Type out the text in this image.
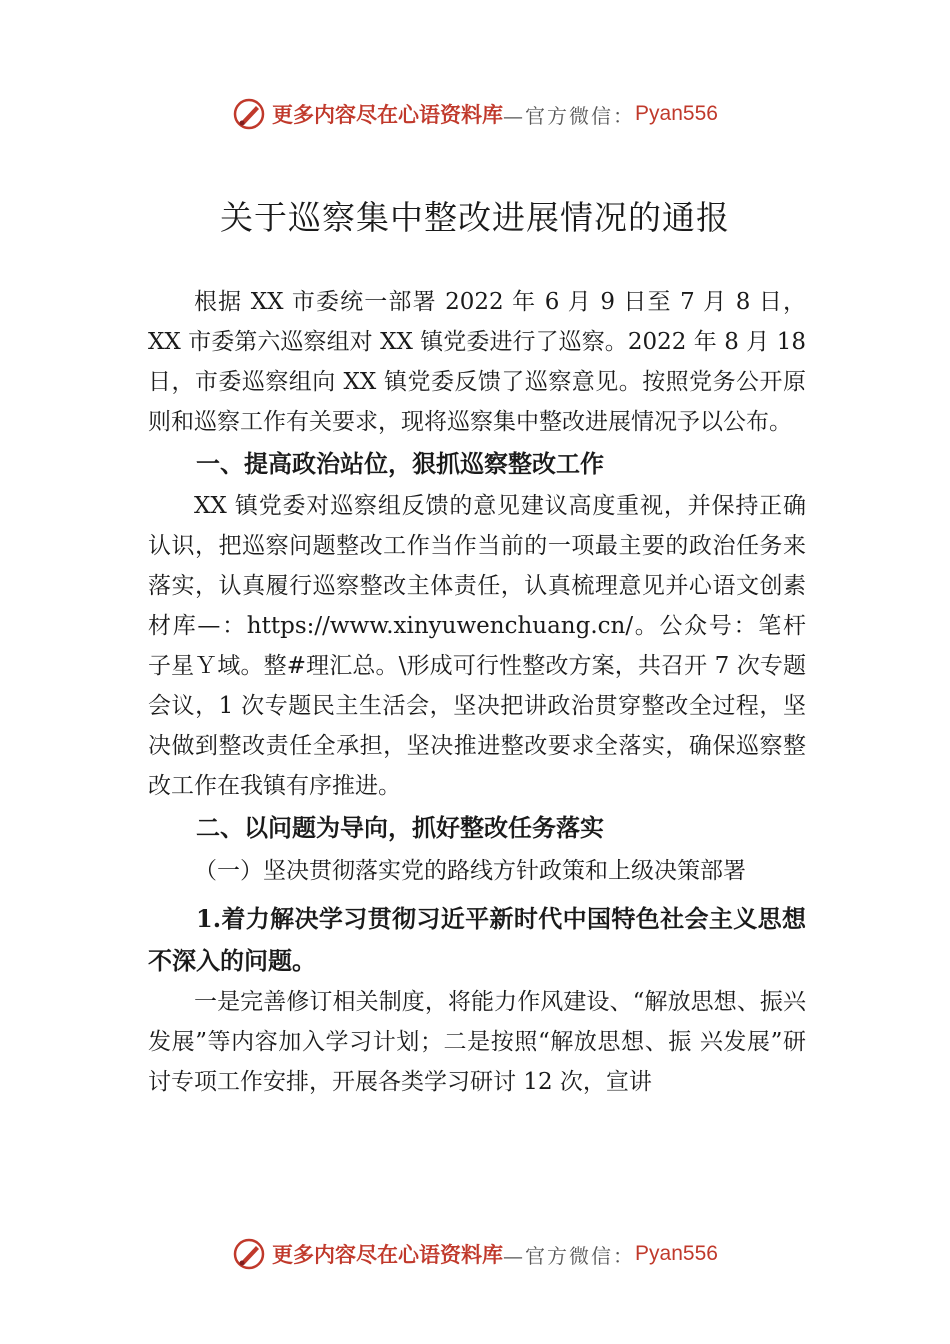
更多内容尽在心语资料库 —官方微信： Pyan556
关于巡察集中整改进展情况的通报

根据 XX 市委统一部署 2022 年 6 月 9 日至 7 月 8 日， XX 市委第六巡察组对 XX 镇党委进行了巡察。2022 年 8 月 18 日，市委巡察组向 XX 镇党委反馈了巡察意见。按照党务公开原则和巡察工作有关要求，现将巡察集中整改进展情况予以公布。

一、提高政治站位，狠抓巡察整改工作

XX 镇党委对巡察组反馈的意见建议高度重视，并保持正确认识，把巡察问题整改工作当作当前的一项最主要的政治任务来落实，认真履行巡察整改主体责任，认真梳理意见并心语文创素材库—：https://www.xinyuwenchuang.cn/。公众号：笔杆子星Ｙ域。整#理汇总。\形成可行性整改方案，共召开 7 次专题会议，1 次专题民主生活会，坚决把讲政治贯穿整改全过程，坚决做到整改责任全承担，坚决推进整改要求全落实，确保巡察整改工作在我镇有序推进。

二、以问题为导向，抓好整改任务落实

（一）坚决贯彻落实党的路线方针政策和上级决策部署

1.着力解决学习贯彻习近平新时代中国特色社会主义思想不深入的问题。

一是完善修订相关制度，将能力作风建设、“解放思想、振兴发展”等内容加入学习计划；二是按照“解放思想、振 兴发展”研讨专项工作安排，开展各类学习研讨 12 次，宣讲

更多内容尽在心语资料库 —官方微信： Pyan556
